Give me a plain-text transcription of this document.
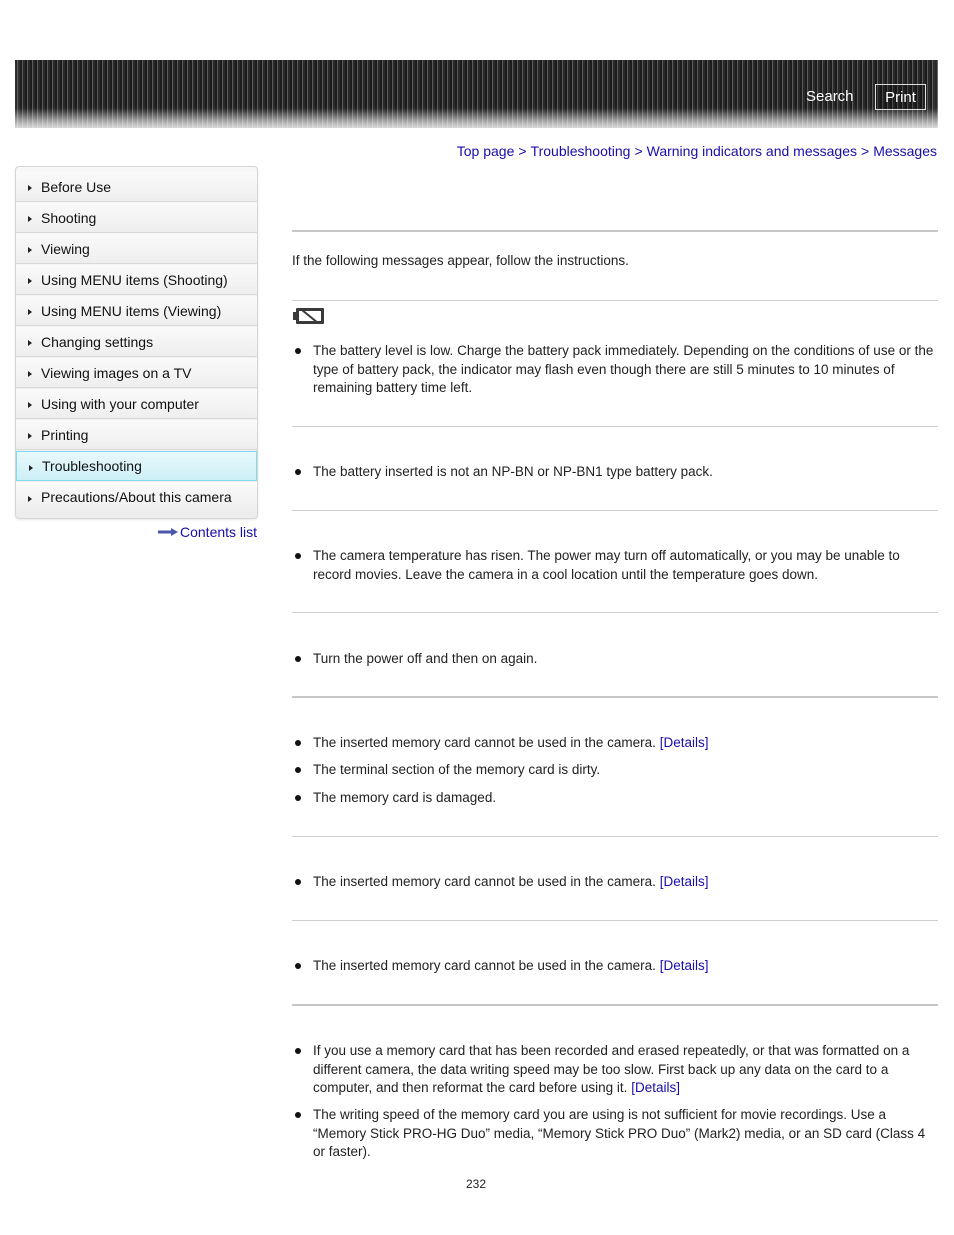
Search	Print
Top page > Troubleshooting > Warning indicators and messages > Messages
Before Use
Shooting
Viewing
Using MENU items (Shooting)
Using MENU items (Viewing)
Changing settings
Viewing images on a TV
Using with your computer
Printing
Troubleshooting
Precautions/About this camera
Contents list
If the following messages appear, follow the instructions.
The battery level is low. Charge the battery pack immediately. Depending on the conditions of use or the type of battery pack, the indicator may flash even though there are still 5 minutes to 10 minutes of remaining battery time left.
The battery inserted is not an NP-BN or NP-BN1 type battery pack.
The camera temperature has risen. The power may turn off automatically, or you may be unable to record movies. Leave the camera in a cool location until the temperature goes down.
Turn the power off and then on again.
The inserted memory card cannot be used in the camera. [Details]
The terminal section of the memory card is dirty.
The memory card is damaged.
The inserted memory card cannot be used in the camera. [Details]
The inserted memory card cannot be used in the camera. [Details]
If you use a memory card that has been recorded and erased repeatedly, or that was formatted on a different camera, the data writing speed may be too slow. First back up any data on the card to a computer, and then reformat the card before using it. [Details]
The writing speed of the memory card you are using is not sufficient for movie recordings. Use a “Memory Stick PRO-HG Duo” media, “Memory Stick PRO Duo” (Mark2) media, or an SD card (Class 4 or faster).
232
